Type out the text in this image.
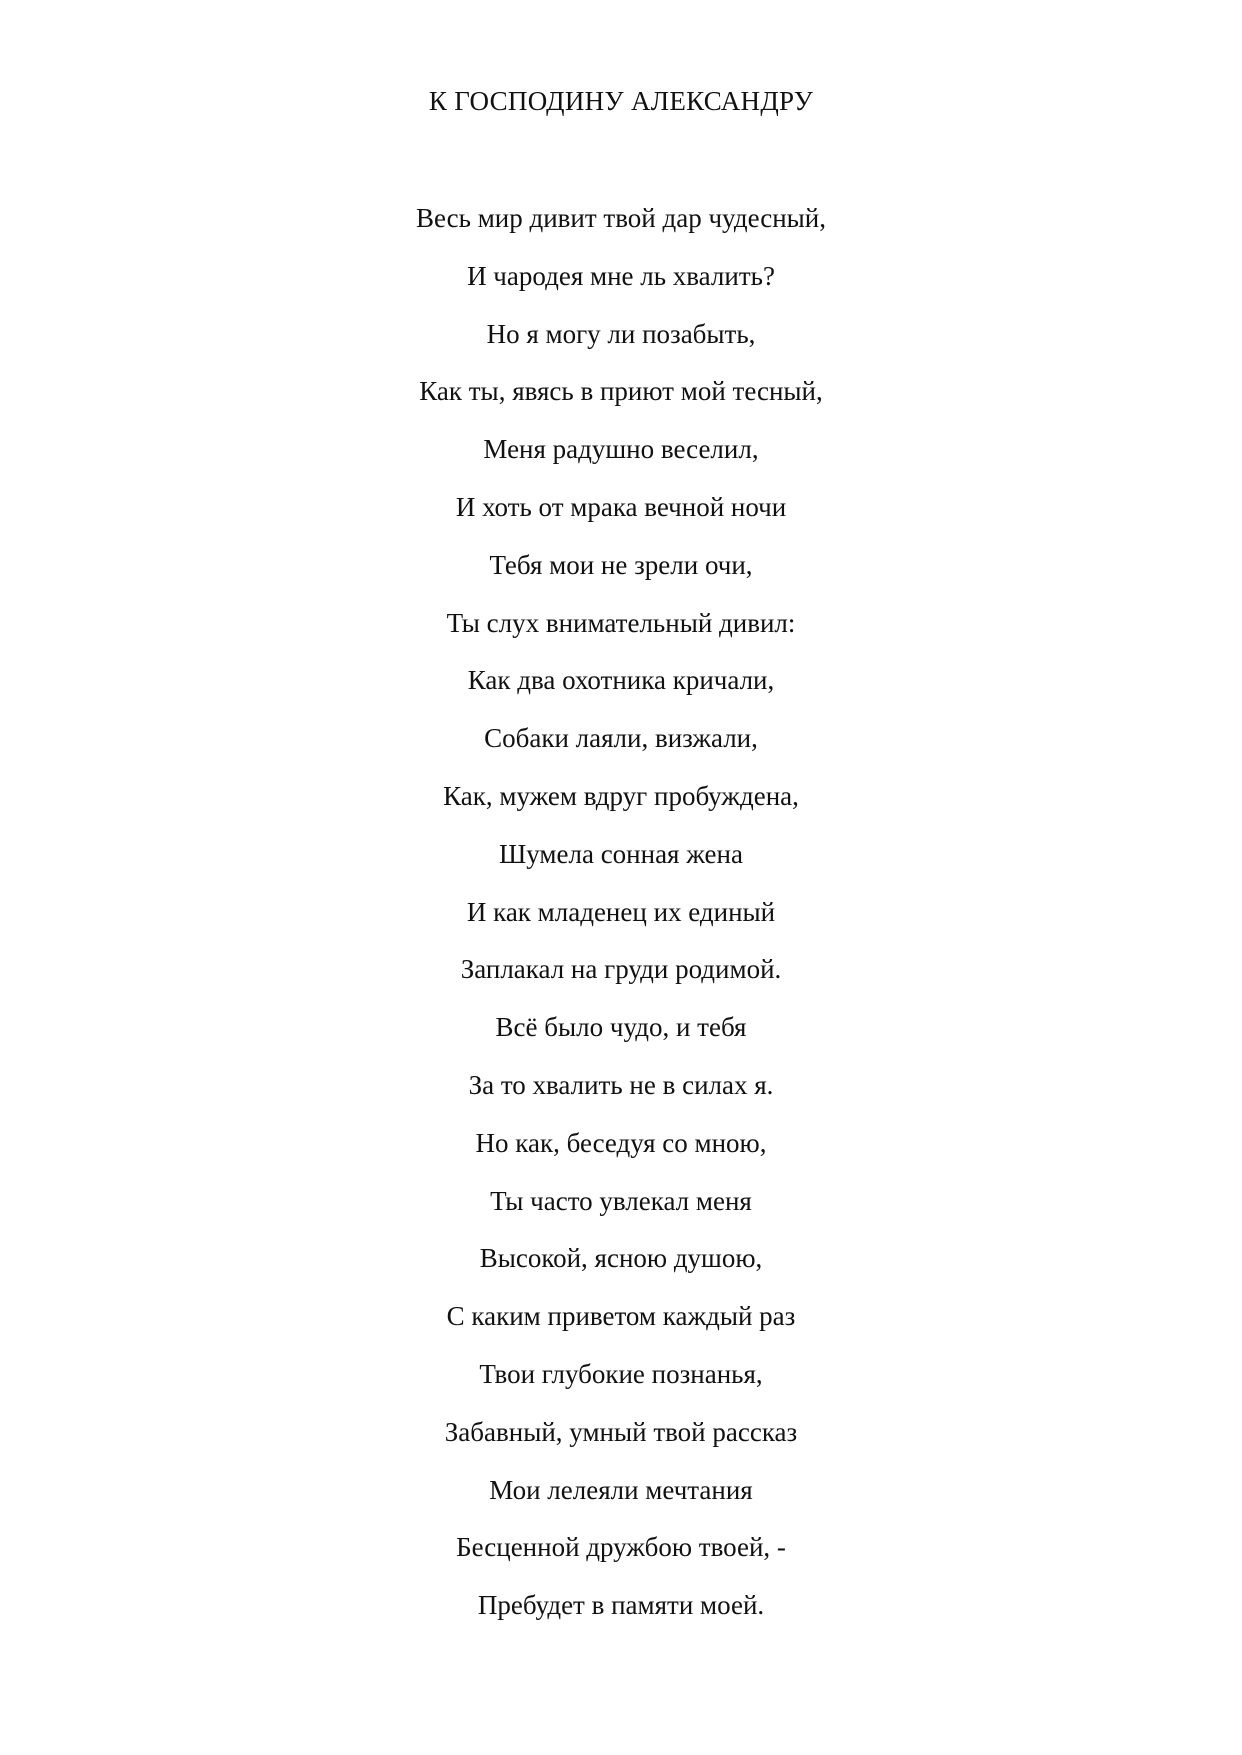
К ГОСПОДИНУ АЛЕКСАНДРУ
Весь мир дивит твой дар чудесный,
И чародея мне ль хвалить?
Но я могу ли позабыть,
Как ты, явясь в приют мой тесный,
Меня радушно веселил,
И хоть от мрака вечной ночи
Тебя мои не зрели очи,
Ты слух внимательный дивил:
Как два охотника кричали,
Собаки лаяли, визжали,
Как, мужем вдруг пробуждена,
Шумела сонная жена
И как младенец их единый
Заплакал на груди родимой.
Всё было чудо, и тебя
За то хвалить не в силах я.
Но как, беседуя со мною,
Ты часто увлекал меня
Высокой, ясною душою,
С каким приветом каждый раз
Твои глубокие познанья,
Забавный, умный твой рассказ
Мои лелеяли мечтания
Бесценной дружбою твоей, -
Пребудет в памяти моей.
